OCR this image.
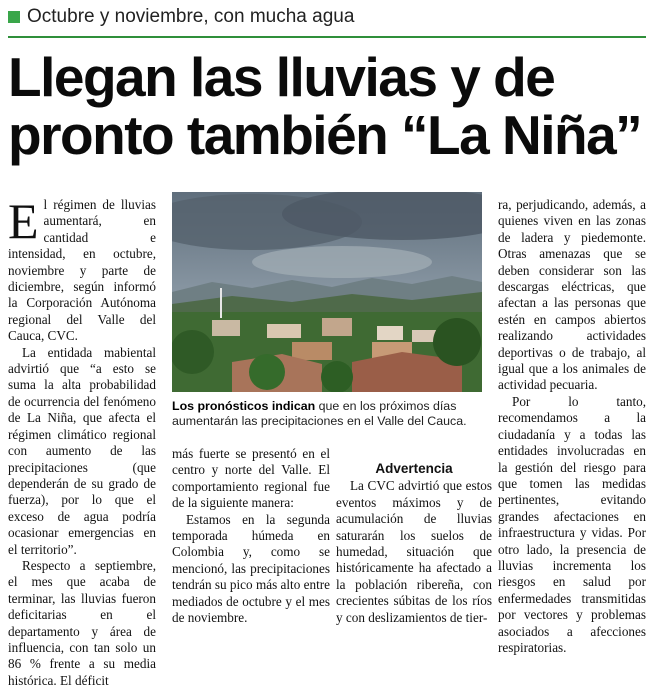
Octubre y noviembre, con mucha agua
Llegan las lluvias y de
pronto también “La Niña”

El régimen de lluvias aumentará, en cantidad e intensidad, en octubre, noviembre y parte de diciembre, según informó la Corporación Autónoma regional del Valle del Cauca, CVC.

La entidada mabiental advirtió que “a esto se suma la alta probabilidad de ocurrencia del fenómeno de La Niña, que afecta el régimen climático regional con aumento de las precipitaciones (que dependerán de su grado de fuerza), por lo que el exceso de agua podría ocasionar emergencias en el territorio”.

Respecto a septiembre, el mes que acaba de terminar, las lluvias fueron deficitarias en el departamento y área de influencia, con tan solo un 86 % frente a su media histórica. El déficit

Los pronósticos indican que en los próximos días aumentarán las precipitaciones en el Valle del Cauca.

más fuerte se presentó en el centro y norte del Valle. El comportamiento regional fue de la siguiente manera:

Estamos en la segunda temporada húmeda en Colombia y, como se mencionó, las precipitaciones tendrán su pico más alto entre mediados de octubre y el mes de noviembre.

Advertencia

La CVC advirtió que estos eventos máximos y de acumulación de lluvias saturarán los suelos de humedad, situación que históricamente ha afectado a la población ribereña, con crecientes súbitas de los ríos y con deslizamientos de tier-

ra, perjudicando, además, a quienes viven en las zonas de ladera y piedemonte. Otras amenazas que se deben considerar son las descargas eléctricas, que afectan a las personas que estén en campos abiertos realizando actividades deportivas o de trabajo, al igual que a los animales de actividad pecuaria.

Por lo tanto, recomendamos a la ciudadanía y a todas las entidades involucradas en la gestión del riesgo para que tomen las medidas pertinentes, evitando grandes afectaciones en infraestructura y vidas. Por otro lado, la presencia de lluvias incrementa los riesgos en salud por enfermedades transmitidas por vectores y problemas asociados a afecciones respiratorias.
